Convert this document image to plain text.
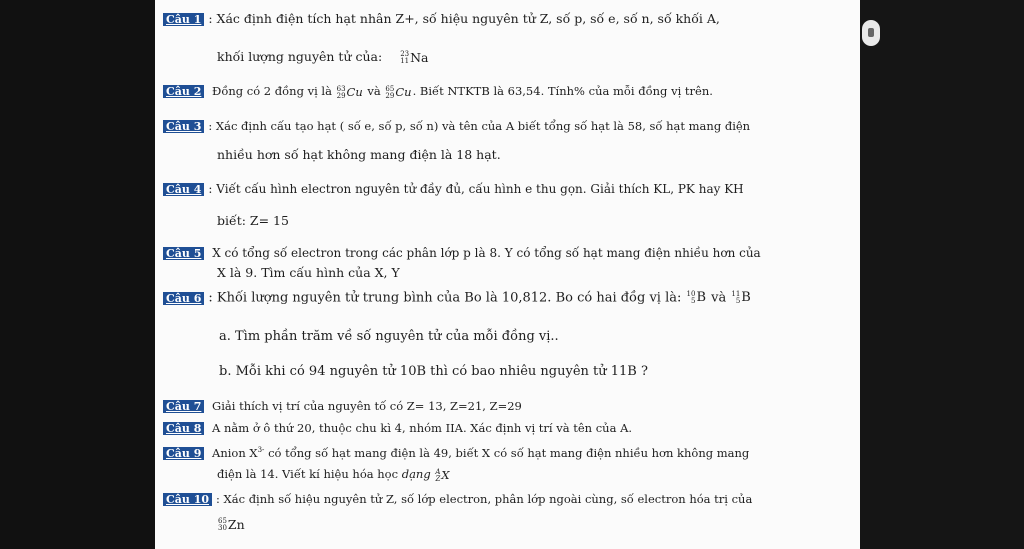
Câu 1 : Xác định điện tích hạt nhân Z+, số hiệu nguyên tử Z, số p, số e, số n, số khối A,
khối lượng nguyên tử của:	23
11 Na
Câu 2 Đồng có 2 đồng vị là 63
29 Cu và 65
29 Cu. Biết NTKTB là 63,54. Tính% của mỗi đồng vị trên.
Câu 3 : Xác định cấu tạo hạt ( số e, số p, số n) và tên của A biết tổng số hạt là 58, số hạt mang điện
nhiều hơn số hạt không mang điện là 18 hạt.
Câu 4 : Viết cấu hình electron nguyên tử đầy đủ, cấu hình e thu gọn. Giải thích KL, PK hay KH
biết: Z= 15
Câu 5 X có tổng số electron trong các phân lớp p là 8. Y có tổng số hạt mang điện nhiều hơn của
X là 9. Tìm cấu hình của X, Y
Câu 6 : Khối lượng nguyên tử trung bình của Bo là 10,812. Bo có hai đồg vị là: 10
5 B và 11
5 B
a. Tìm phần trăm về số nguyên tử của mỗi đồng vị..
b. Mỗi khi có 94 nguyên tử 10B thì có bao nhiêu nguyên tử 11B ?
Câu 7 Giải thích vị trí của nguyên tố có Z= 13, Z=21, Z=29
Câu 8 A nằm ở ô thứ 20, thuộc chu kì 4, nhóm IIA. Xác định vị trí và tên của A.
Câu 9 Anion $X^{3-}$ có tổng số hạt mang điện là 49, biết X có số hạt mang điện nhiều hơn không mang
điện là 14. Viết kí hiệu hóa học dạng A
Z X
Câu 10 : Xác định số hiệu nguyên tử Z, số lớp electron, phân lớp ngoài cùng, số electron hóa trị của
65
30 Zn
